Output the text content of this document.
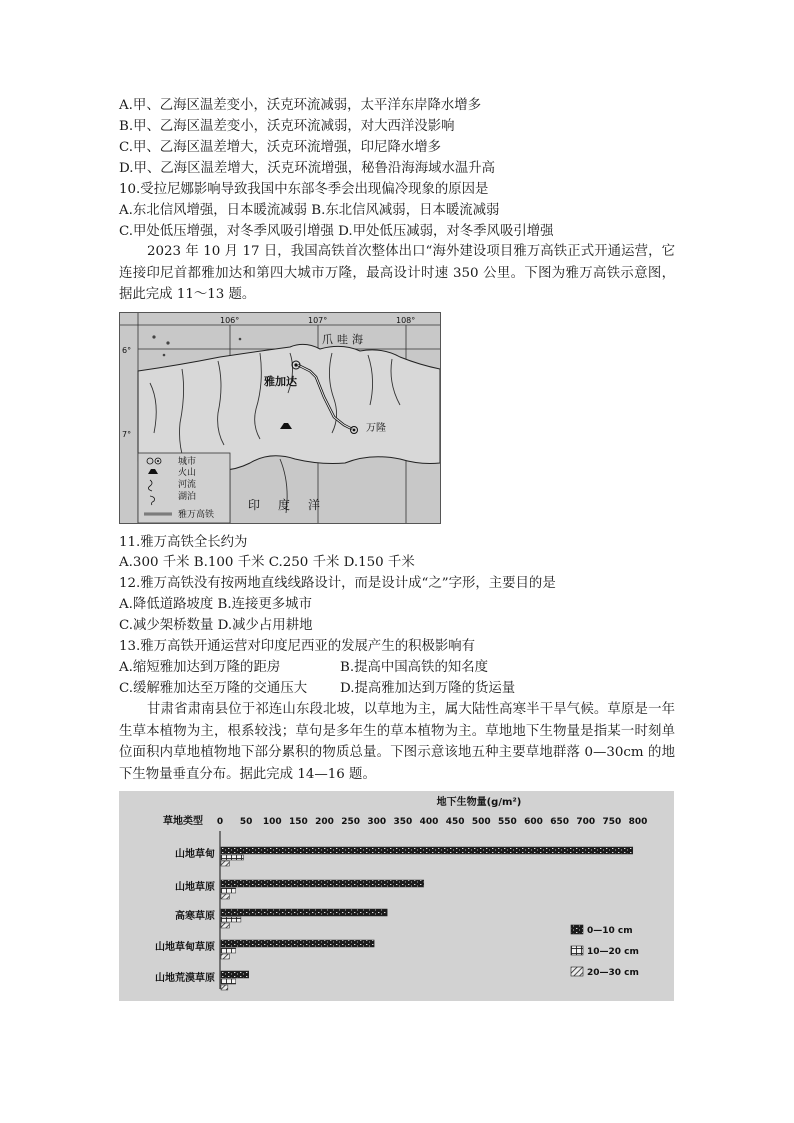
A.甲、乙海区温差变小，沃克环流减弱，太平洋东岸降水增多
B.甲、乙海区温差变小，沃克环流减弱，对大西洋没影响
C.甲、乙海区温差增大，沃克环流增强，印尼降水增多
D.甲、乙海区温差增大，沃克环流增强，秘鲁沿海海域水温升高
10.受拉尼娜影响导致我国中东部冬季会出现偏冷现象的原因是
A.东北信风增强，日本暖流减弱 B.东北信风减弱，日本暖流减弱
C.甲处低压增强，对冬季风吸引增强 D.甲处低压减弱，对冬季风吸引增强
2023 年 10 月 17 日，我国高铁首次整体出口“海外建设项目雅万高铁正式开通运营，它连接印尼首都雅加达和第四大城市万隆，最高设计时速 350 公里。下图为雅万高铁示意图，据此完成 11～13 题。
106°	107°	108°
6°
7°
爪哇海
雅加达
万隆
印度洋
城市
火山
河流
湖泊
雅万高铁
11.雅万高铁全长约为
A.300 千米 B.100 千米 C.250 千米 D.150 千米
12.雅万高铁没有按两地直线线路设计，而是设计成“之”字形，主要目的是
A.降低道路坡度 B.连接更多城市
C.减少架桥数量 D.减少占用耕地
13.雅万高铁开通运营对印度尼西亚的发展产生的积极影响有
A.缩短雅加达到万隆的距房	B.提高中国高铁的知名度
C.缓解雅加达至万隆的交通压大 D.提高雅加达到万隆的货运量
甘肃省肃南县位于祁连山东段北坡，以草地为主，属大陆性高寒半干旱气候。草原是一年生草本植物为主，根系较浅；草句是多年生的草本植物为主。草地地下生物量是指某一时刻单位面积内草地植物地下部分累积的物质总量。下图示意该地五种主要草地群落 0—30cm 的地下生物量垂直分布。据此完成 14—16 题。
地下生物量(g/m²)
草地类型 0 50 100 150 200 250 300 350 400 450 500 550 600 650 700 750 800
山地草甸
山地草原
高寒草原
山地草甸草原
山地荒漠草原
0—10 cm
10—20 cm
20—30 cm
